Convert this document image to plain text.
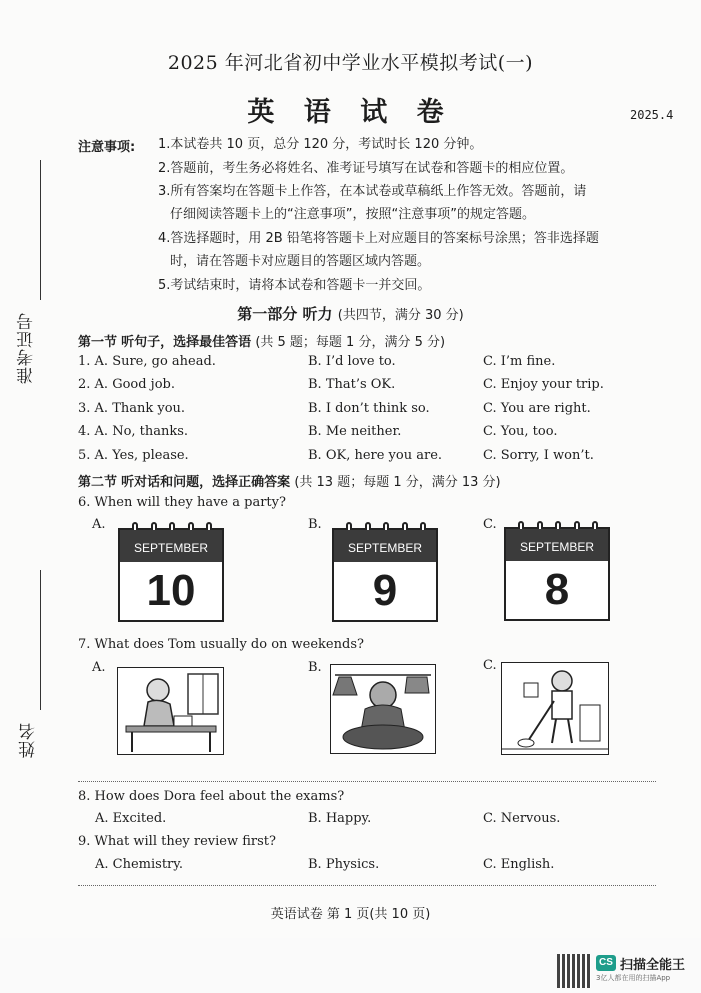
2025 年河北省初中学业水平模拟考试(一)
英 语 试 卷	2025.4
准考证号
姓名
注意事项: 1.本试卷共 10 页，总分 120 分，考试时长 120 分钟。
2.答题前，考生务必将姓名、准考证号填写在试卷和答题卡的相应位置。
3.所有答案均在答题卡上作答，在本试卷或草稿纸上作答无效。答题前，请
仔细阅读答题卡上的“注意事项”，按照“注意事项”的规定答题。
4.答选择题时，用 2B 铅笔将答题卡上对应题目的答案标号涂黑；答非选择题
时，请在答题卡对应题目的答题区域内答题。
5.考试结束时，请将本试卷和答题卡一并交回。
第一部分 听力 (共四节，满分 30 分)
第一节 听句子，选择最佳答语 (共 5 题；每题 1 分，满分 5 分)
1. A. Sure, go ahead.	B. I’d love to.	C. I’m fine.
2. A. Good job.	B. That’s OK.	C. Enjoy your trip.
3. A. Thank you.	B. I don’t think so.	C. You are right.
4. A. No, thanks.	B. Me neither.	C. You, too.
5. A. Yes, please.	B. OK, here you are.	C. Sorry, I won’t.
第二节 听对话和问题，选择正确答案 (共 13 题；每题 1 分，满分 13 分)
6. When will they have a party?
A.
SEPTEMBER
10
B.
SEPTEMBER
9
C.
SEPTEMBER
8
7. What does Tom usually do on weekends?
A.	B.	C.
8. How does Dora feel about the exams?
A. Excited.	B. Happy.	C. Nervous.
9. What will they review first?
A. Chemistry.	B. Physics.	C. English.
英语试卷 第 1 页(共 10 页)
CS 扫描全能王
3亿人都在用的扫描App
